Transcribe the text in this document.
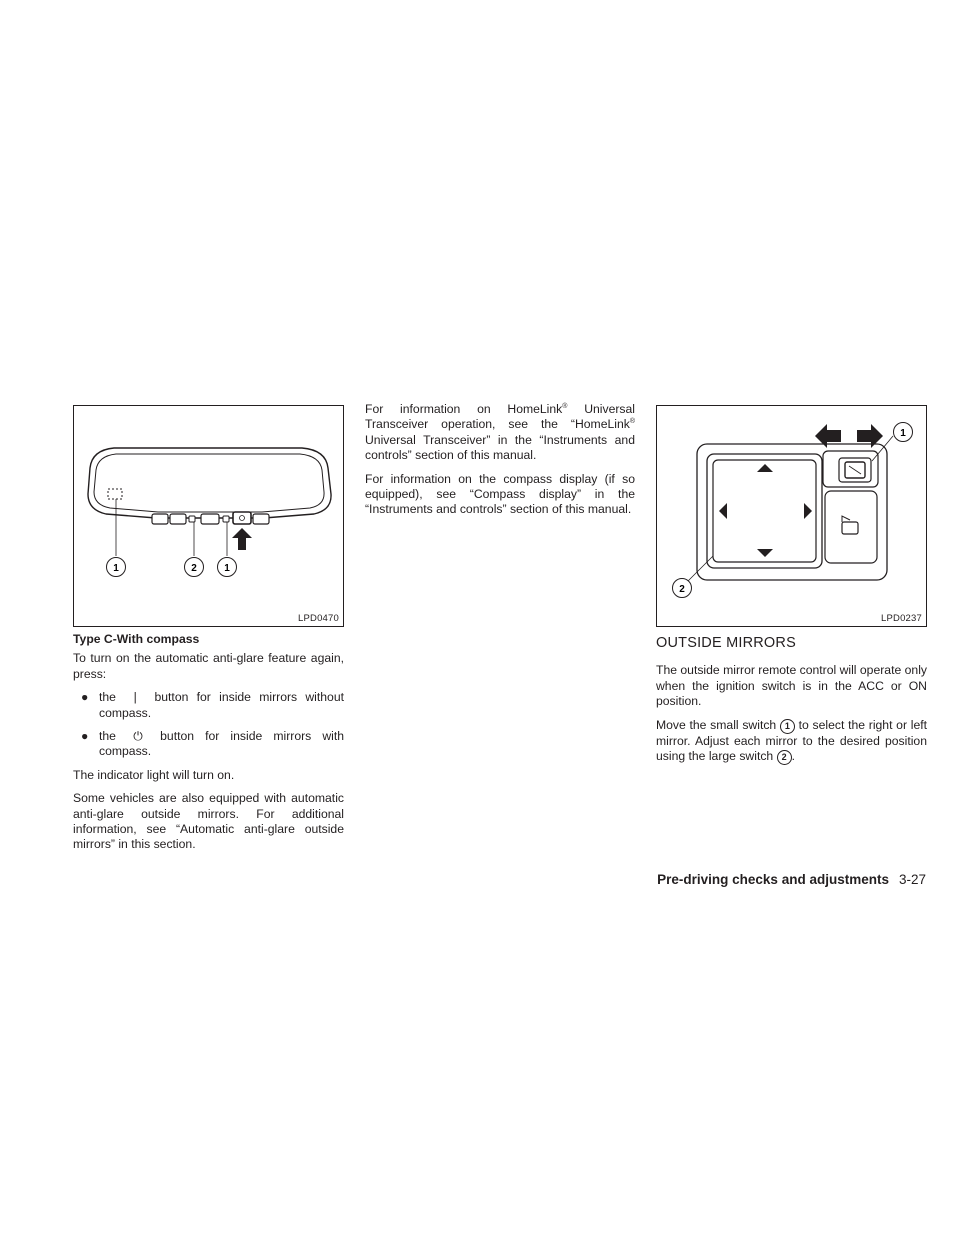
1	2	1
LPD0470

Type C-With compass

To turn on the automatic anti-glare feature again, press:

● the | button for inside mirrors without compass.

● the ⏻ button for inside mirrors with compass.

The indicator light will turn on.

Some vehicles are also equipped with automatic anti-glare outside mirrors. For additional information, see “Automatic anti-glare outside mirrors” in this section.

For information on HomeLink® Universal Transceiver operation, see the “HomeLink® Universal Transceiver” in the “Instruments and controls” section of this manual.

For information on the compass display (if so equipped), see “Compass display” in the “Instruments and controls” section of this manual.

1
2
LPD0237

OUTSIDE MIRRORS

The outside mirror remote control will operate only when the ignition switch is in the ACC or ON position.

Move the small switch 1 to select the right or left mirror. Adjust each mirror to the desired position using the large switch 2 .

Pre-driving checks and adjustments 3-27
